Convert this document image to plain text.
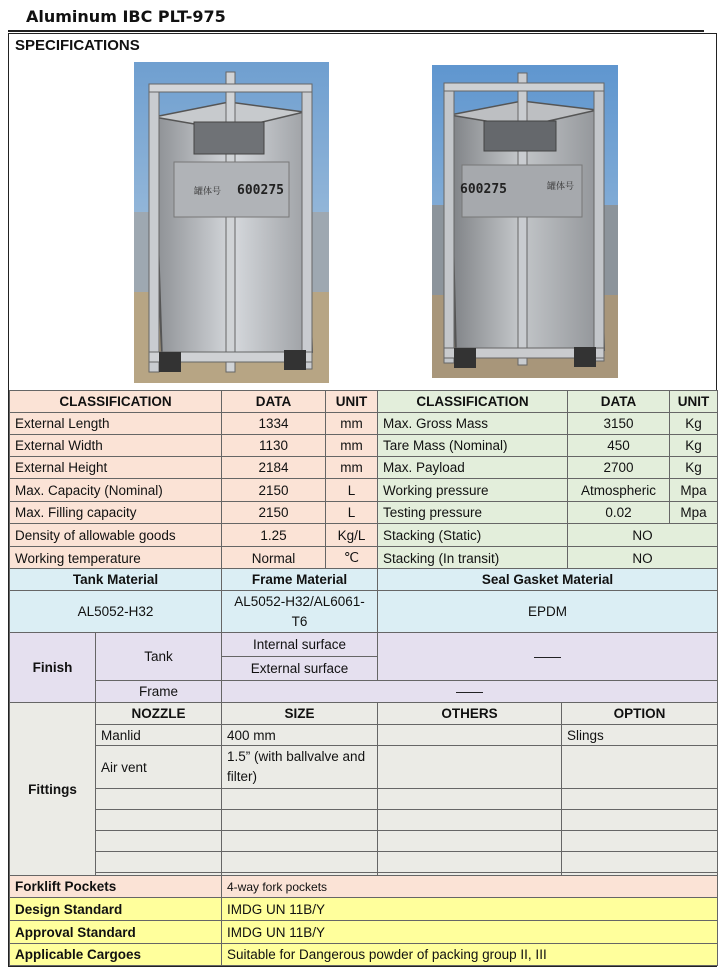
Aluminum IBC PLT-975
SPECIFICATIONS
600275
罐体号	600275	罐体号
CLASSIFICATION	DATA	UNIT	CLASSIFICATION	DATA	UNIT
External Length	1334	mm	Max. Gross Mass	3150	Kg
External Width	1130	mm	Tare Mass (Nominal)	450	Kg
External Height	2184	mm	Max. Payload	2700	Kg
Max. Capacity (Nominal)	2150	L	Working pressure	Atmospheric	Mpa
Max. Filling capacity	2150	L	Testing pressure	0.02	Mpa
Density of allowable goods	1.25	Kg/L	Stacking (Static)	NO	
Working temperature	Normal	℃	Stacking (In transit)	NO	
Tank Material		Frame Material	Seal Gasket Material	
AL5052-H32		AL5052-H32/AL6061-T6	EPDM	
Finish	Tank	Internal surface	——	
		External surface		
	Frame	——		
Fittings	NOZZLE	SIZE	OTHERS	OPTION
	Manlid	400 mm		Slings
	Air vent	1.5” (with ballvalve and filter)		

Forklift Pockets		4-way fork pockets		
Design Standard		IMDG UN 11B/Y		
Approval Standard		IMDG UN 11B/Y		
Applicable Cargoes		Suitable for Dangerous powder of packing group II, III		
